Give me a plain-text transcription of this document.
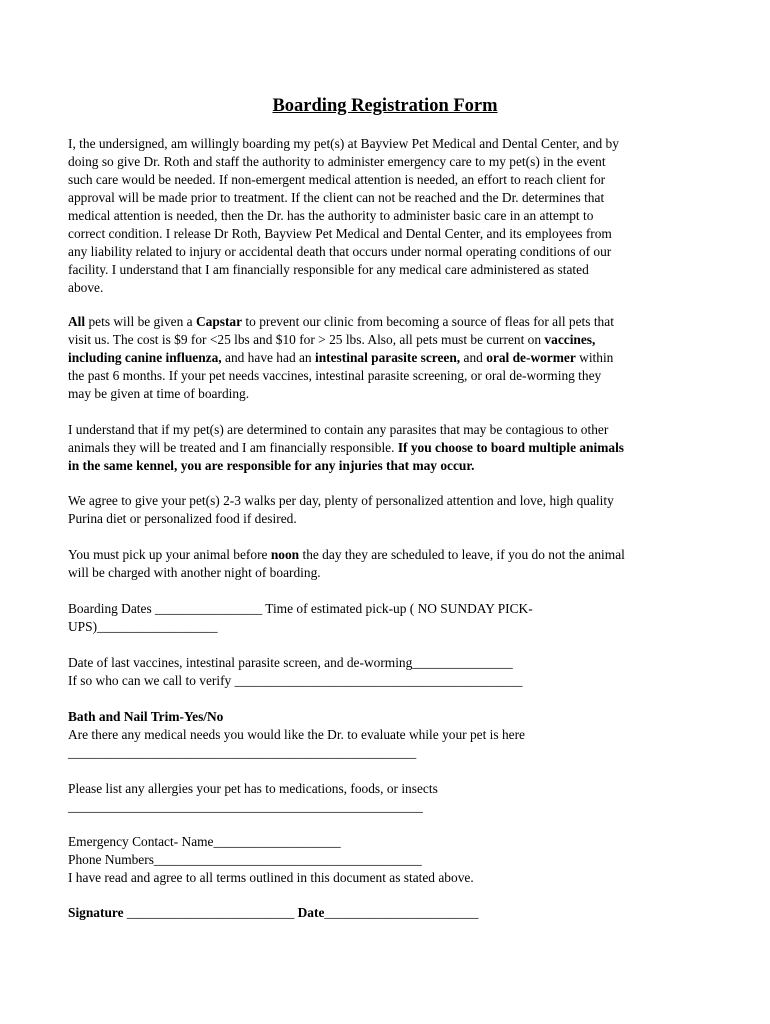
Boarding Registration Form
I, the undersigned, am willingly boarding my pet(s) at Bayview Pet Medical and Dental Center, and by
doing so give Dr. Roth and staff the authority to administer emergency care to my pet(s) in the event
such care would be needed. If non-emergent medical attention is needed, an effort to reach client for
approval will be made prior to treatment. If the client can not be reached and the Dr. determines that
medical attention is needed, then the Dr. has the authority to administer basic care in an attempt to
correct condition. I release Dr Roth, Bayview Pet Medical and Dental Center, and its employees from
any liability related to injury or accidental death that occurs under normal operating conditions of our
facility. I understand that I am financially responsible for any medical care administered as stated
above.
All pets will be given a Capstar to prevent our clinic from becoming a source of fleas for all pets that
visit us. The cost is $9 for <25 lbs and $10 for > 25 lbs. Also, all pets must be current on vaccines,
including canine influenza, and have had an intestinal parasite screen, and oral de-wormer within
the past 6 months. If your pet needs vaccines, intestinal parasite screening, or oral de-worming they
may be given at time of boarding.
I understand that if my pet(s) are determined to contain any parasites that may be contagious to other
animals they will be treated and I am financially responsible. If you choose to board multiple animals
in the same kennel, you are responsible for any injuries that may occur.
We agree to give your pet(s) 2-3 walks per day, plenty of personalized attention and love, high quality
Purina diet or personalized food if desired.
You must pick up your animal before noon the day they are scheduled to leave, if you do not the animal
will be charged with another night of boarding.
Boarding Dates ________________ Time of estimated pick-up ( NO SUNDAY PICK-
UPS)__________________
Date of last vaccines, intestinal parasite screen, and de-worming_______________
If so who can we call to verify ___________________________________________
Bath and Nail Trim-Yes/No
Are there any medical needs you would like the Dr. to evaluate while your pet is here
____________________________________________________
Please list any allergies your pet has to medications, foods, or insects
_____________________________________________________
Emergency Contact- Name___________________
Phone Numbers________________________________________
I have read and agree to all terms outlined in this document as stated above.
Signature _________________________ Date_______________________
